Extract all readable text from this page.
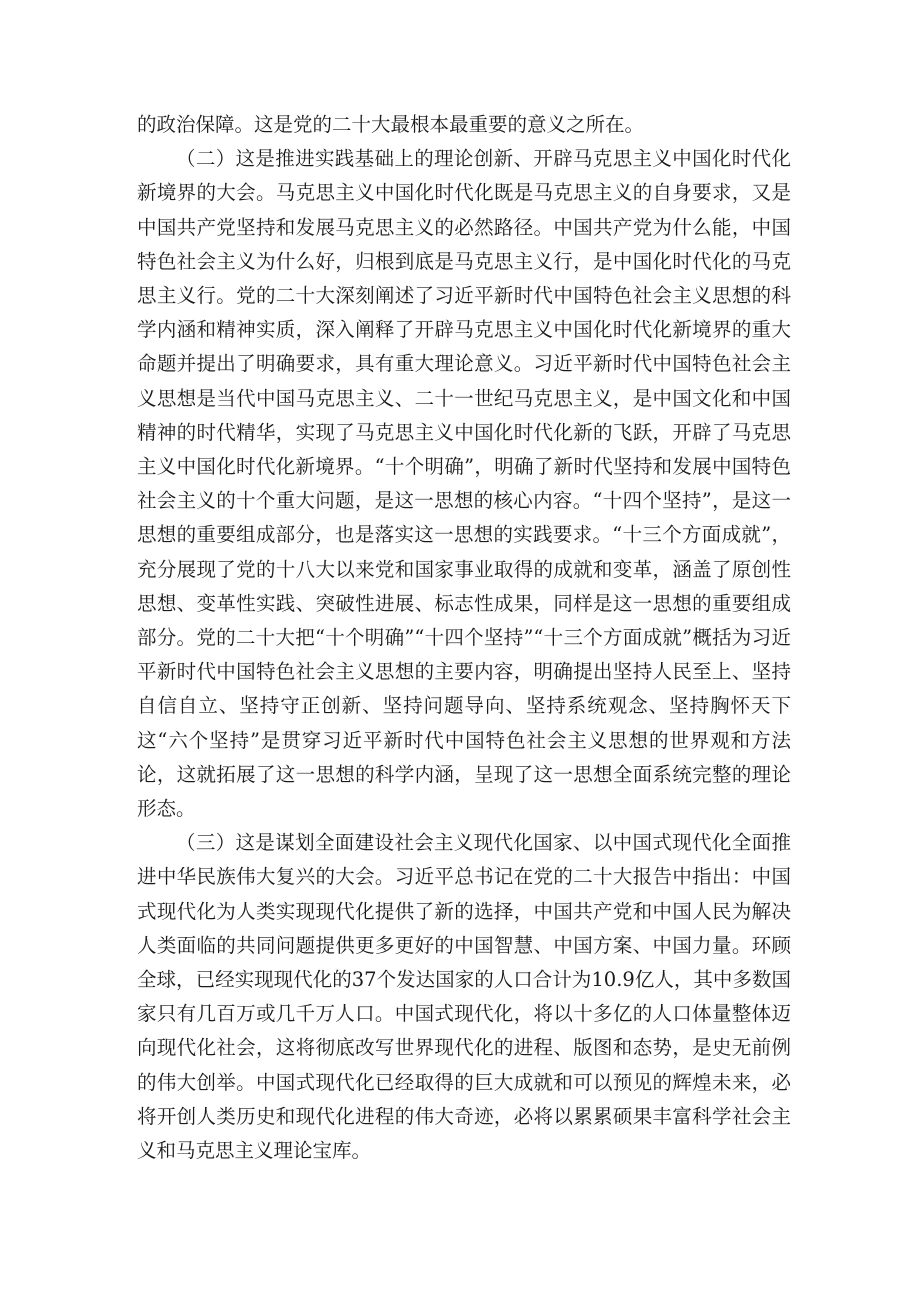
的政治保障。这是党的二十大最根本最重要的意义之所在。

（二）这是推进实践基础上的理论创新、开辟马克思主义中国化时代化新境界的大会。马克思主义中国化时代化既是马克思主义的自身要求，又是中国共产党坚持和发展马克思主义的必然路径。中国共产党为什么能，中国特色社会主义为什么好，归根到底是马克思主义行，是中国化时代化的马克思主义行。党的二十大深刻阐述了习近平新时代中国特色社会主义思想的科学内涵和精神实质，深入阐释了开辟马克思主义中国化时代化新境界的重大命题并提出了明确要求，具有重大理论意义。习近平新时代中国特色社会主义思想是当代中国马克思主义、二十一世纪马克思主义，是中国文化和中国精神的时代精华，实现了马克思主义中国化时代化新的飞跃，开辟了马克思主义中国化时代化新境界。“十个明确”，明确了新时代坚持和发展中国特色社会主义的十个重大问题，是这一思想的核心内容。“十四个坚持”，是这一思想的重要组成部分，也是落实这一思想的实践要求。“十三个方面成就”，充分展现了党的十八大以来党和国家事业取得的成就和变革，涵盖了原创性思想、变革性实践、突破性进展、标志性成果，同样是这一思想的重要组成部分。党的二十大把“十个明确”“十四个坚持”“十三个方面成就”概括为习近平新时代中国特色社会主义思想的主要内容，明确提出坚持人民至上、坚持自信自立、坚持守正创新、坚持问题导向、坚持系统观念、坚持胸怀天下这“六个坚持”是贯穿习近平新时代中国特色社会主义思想的世界观和方法论，这就拓展了这一思想的科学内涵，呈现了这一思想全面系统完整的理论形态。

（三）这是谋划全面建设社会主义现代化国家、以中国式现代化全面推进中华民族伟大复兴的大会。习近平总书记在党的二十大报告中指出：中国式现代化为人类实现现代化提供了新的选择，中国共产党和中国人民为解决人类面临的共同问题提供更多更好的中国智慧、中国方案、中国力量。环顾全球，已经实现现代化的37个发达国家的人口合计为10.9亿人，其中多数国家只有几百万或几千万人口。中国式现代化，将以十多亿的人口体量整体迈向现代化社会，这将彻底改写世界现代化的进程、版图和态势，是史无前例的伟大创举。中国式现代化已经取得的巨大成就和可以预见的辉煌未来，必将开创人类历史和现代化进程的伟大奇迹，必将以累累硕果丰富科学社会主义和马克思主义理论宝库。
